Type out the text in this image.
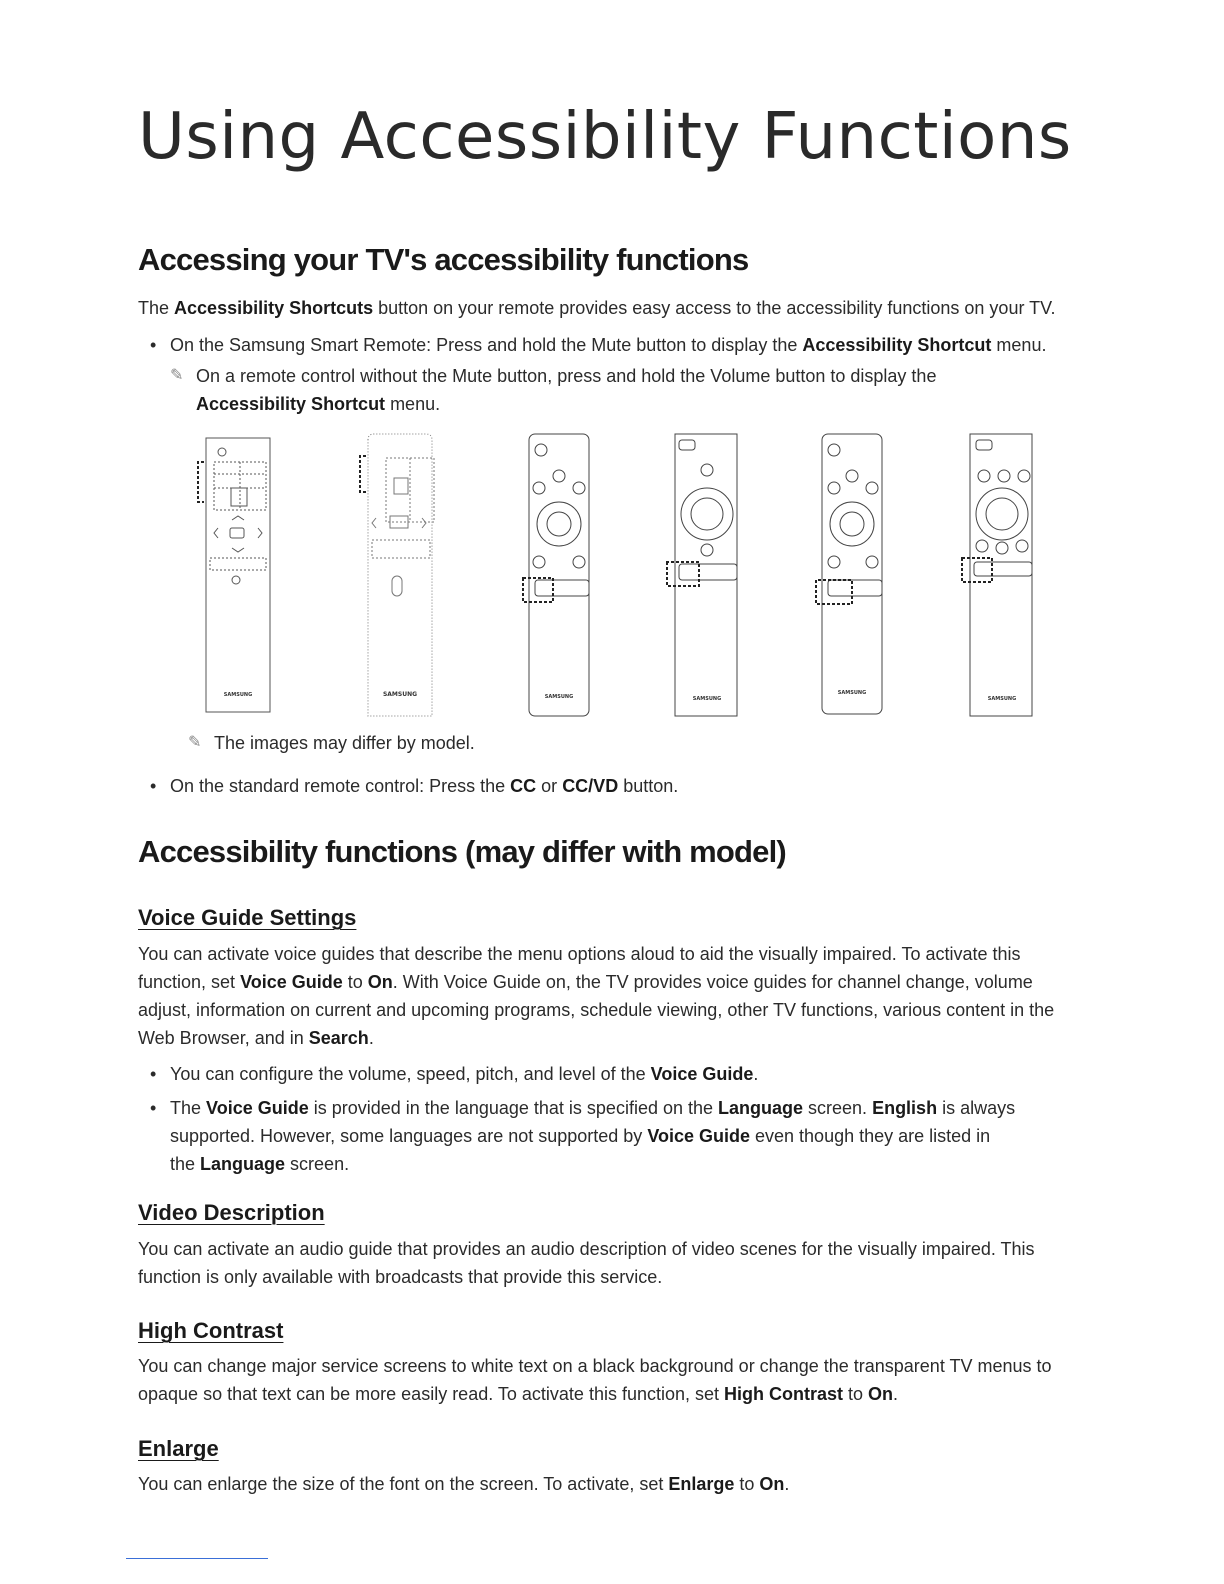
Using Accessibility Functions
Accessing your TV's accessibility functions

The Accessibility Shortcuts button on your remote provides easy access to the accessibility functions on your TV.

• On the Samsung Smart Remote: Press and hold the Mute button to display the Accessibility Shortcut menu.

✎ On a remote control without the Mute button, press and hold the Volume button to display the Accessibility Shortcut menu.

SAMSUNG	SAMSUNG	SAMSUNG	SAMSUNG
SAMSUNG
SAMSUNG

✎ The images may differ by model.

• On the standard remote control: Press the CC or CC/VD button.

Accessibility functions (may differ with model)
Voice Guide Settings

You can activate voice guides that describe the menu options aloud to aid the visually impaired. To activate this function, set Voice Guide to On. With Voice Guide on, the TV provides voice guides for channel change, volume adjust, information on current and upcoming programs, schedule viewing, other TV functions, various content in the Web Browser, and in Search.

• You can configure the volume, speed, pitch, and level of the Voice Guide.

• The Voice Guide is provided in the language that is specified on the Language screen. English is always supported. However, some languages are not supported by Voice Guide even though they are listed in the Language screen.

Video Description

You can activate an audio guide that provides an audio description of video scenes for the visually impaired. This function is only available with broadcasts that provide this service.

High Contrast

You can change major service screens to white text on a black background or change the transparent TV menus to opaque so that text can be more easily read. To activate this function, set High Contrast to On.

Enlarge

You can enlarge the size of the font on the screen. To activate, set Enlarge to On.
